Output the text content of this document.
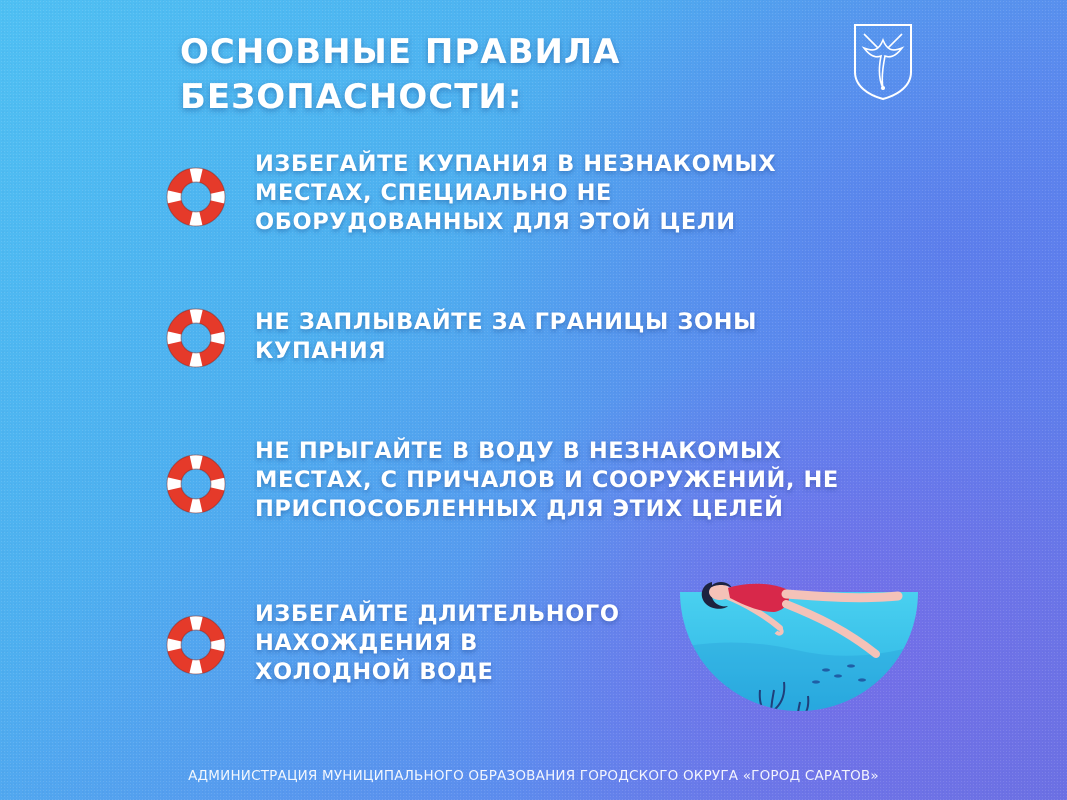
ОСНОВНЫЕ ПРАВИЛА
БЕЗОПАСНОСТИ:
ИЗБЕГАЙТЕ КУПАНИЯ В НЕЗНАКОМЫХ
МЕСТАХ, СПЕЦИАЛЬНО НЕ
ОБОРУДОВАННЫХ ДЛЯ ЭТОЙ ЦЕЛИ
НЕ ЗАПЛЫВАЙТЕ ЗА ГРАНИЦЫ ЗОНЫ
КУПАНИЯ
НЕ ПРЫГАЙТЕ В ВОДУ В НЕЗНАКОМЫХ
МЕСТАХ, С ПРИЧАЛОВ И СООРУЖЕНИЙ, НЕ
ПРИСПОСОБЛЕННЫХ ДЛЯ ЭТИХ ЦЕЛЕЙ
ИЗБЕГАЙТЕ ДЛИТЕЛЬНОГО
НАХОЖДЕНИЯ В
ХОЛОДНОЙ ВОДЕ
АДМИНИСТРАЦИЯ МУНИЦИПАЛЬНОГО ОБРАЗОВАНИЯ ГОРОДСКОГО ОКРУГА «ГОРОД САРАТОВ»
